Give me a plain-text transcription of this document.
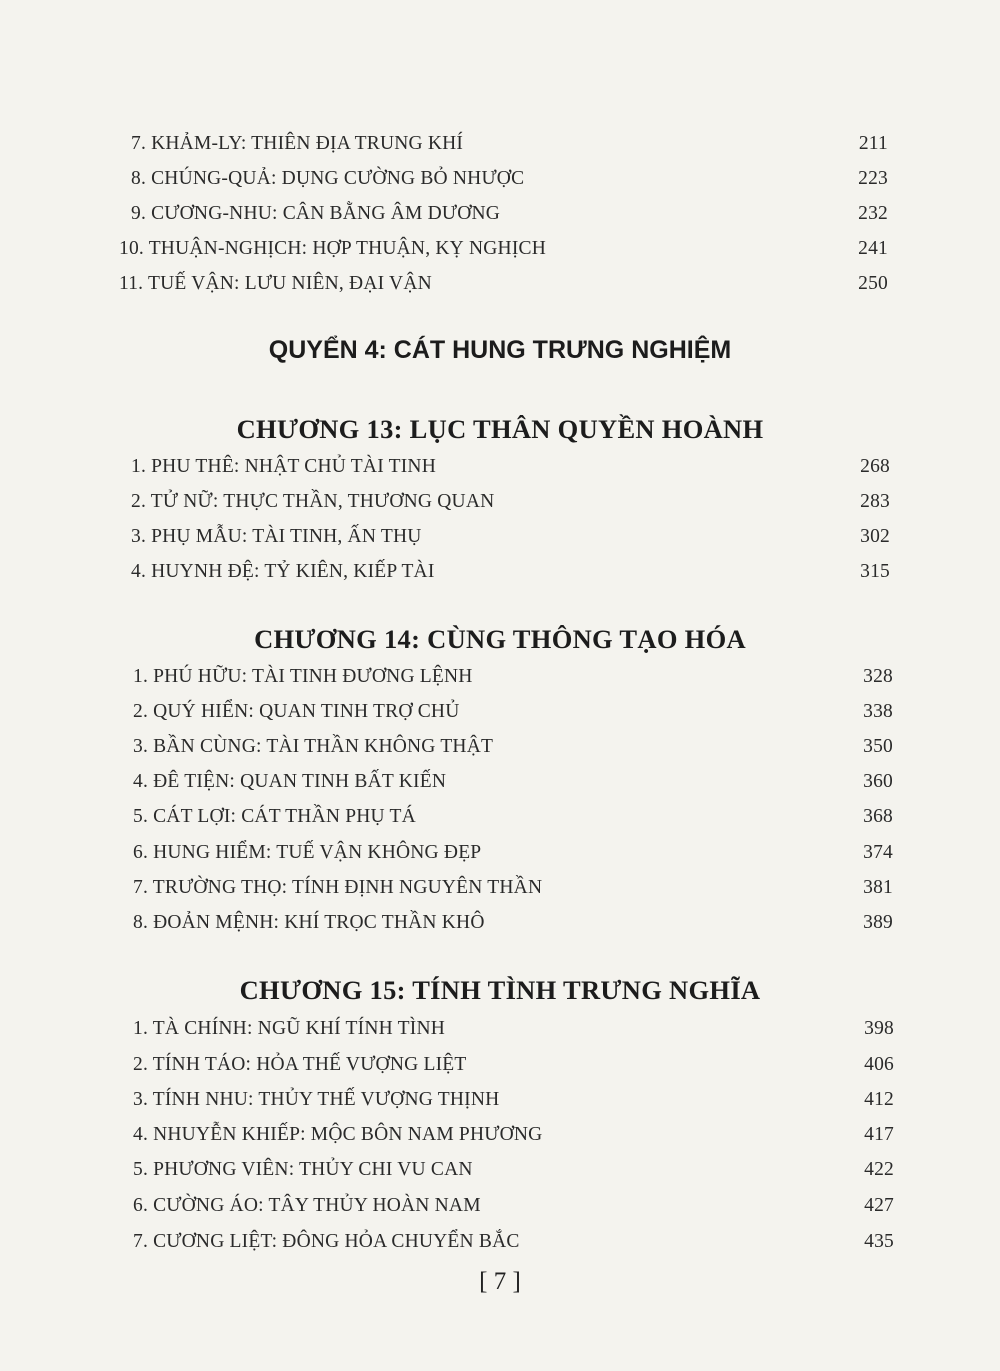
7. KHẢM-LY: THIÊN ĐỊA TRUNG KHÍ	211
8. CHÚNG-QUẢ: DỤNG CƯỜNG BỎ NHƯỢC	223
9. CƯƠNG-NHU: CÂN BẰNG ÂM DƯƠNG	232
10. THUẬN-NGHỊCH: HỢP THUẬN, KỴ NGHỊCH	241
11. TUẾ VẬN: LƯU NIÊN, ĐẠI VẬN	250
QUYỂN 4: CÁT HUNG TRƯNG NGHIỆM
CHƯƠNG 13: LỤC THÂN QUYỀN HOÀNH
1. PHU THÊ: NHẬT CHỦ TÀI TINH	268
2. TỬ NỮ: THỰC THẦN, THƯƠNG QUAN	283
3. PHỤ MẪU: TÀI TINH, ẤN THỤ	302
4. HUYNH ĐỆ: TỶ KIÊN, KIẾP TÀI	315
CHƯƠNG 14: CÙNG THÔNG TẠO HÓA
1. PHÚ HỮU: TÀI TINH ĐƯƠNG LỆNH	328
2. QUÝ HIỂN: QUAN TINH TRỢ CHỦ	338
3. BẦN CÙNG: TÀI THẦN KHÔNG THẬT	350
4. ĐÊ TIỆN: QUAN TINH BẤT KIẾN	360
5. CÁT LỢI: CÁT THẦN PHỤ TÁ	368
6. HUNG HIỂM: TUẾ VẬN KHÔNG ĐẸP	374
7. TRƯỜNG THỌ: TÍNH ĐỊNH NGUYÊN THẦN	381
8. ĐOẢN MỆNH: KHÍ TRỌC THẦN KHÔ	389
CHƯƠNG 15: TÍNH TÌNH TRƯNG NGHĨA
1. TÀ CHÍNH: NGŨ KHÍ TÍNH TÌNH	398
2. TÍNH TÁO: HỎA THẾ VƯỢNG LIỆT	406
3. TÍNH NHU: THỦY THẾ VƯỢNG THỊNH	412
4. NHUYỄN KHIẾP: MỘC BÔN NAM PHƯƠNG	417
5. PHƯƠNG VIÊN: THỦY CHI VU CAN	422
6. CƯỜNG ÁO: TÂY THỦY HOÀN NAM	427
7. CƯƠNG LIỆT: ĐÔNG HỎA CHUYỂN BẮC	435
[ 7 ]
